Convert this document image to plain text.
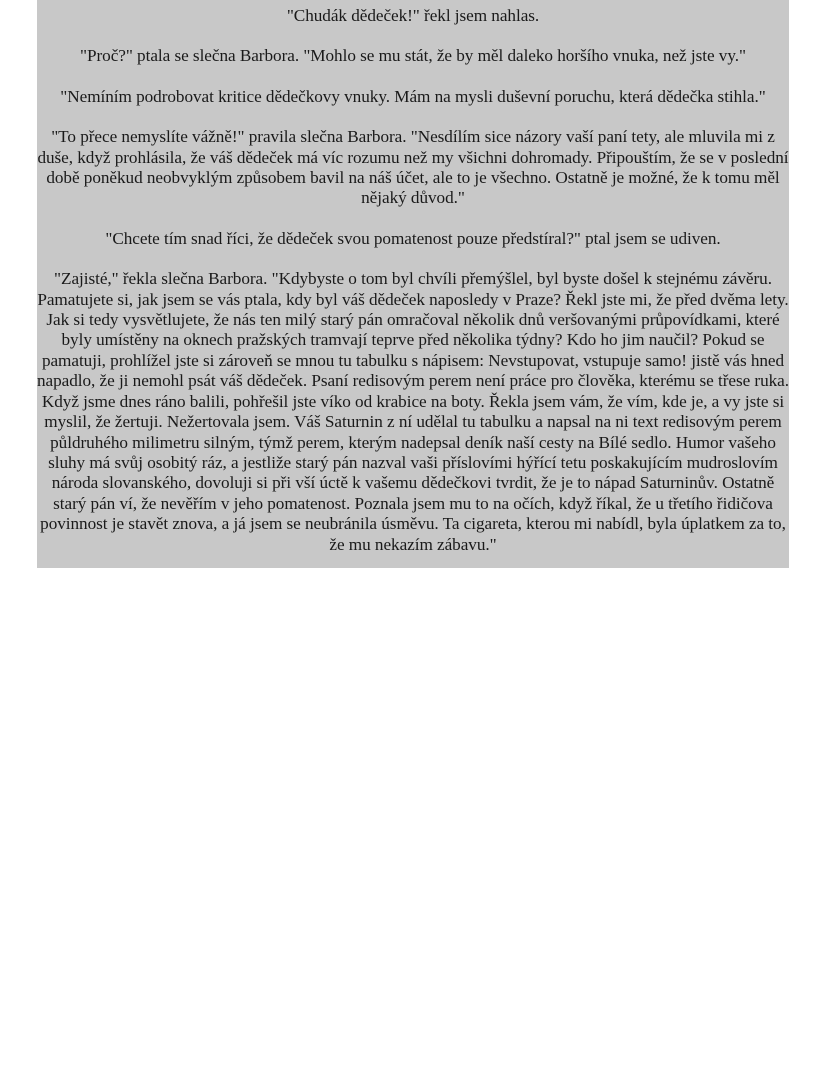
"Chudák dědeček!" řekl jsem nahlas.

"Proč?" ptala se slečna Barbora. "Mohlo se mu stát, že by měl daleko horšího vnuka, než jste vy."

"Nemíním podrobovat kritice dědečkovy vnuky. Mám na mysli duševní poruchu, která dědečka stihla."

"To přece nemyslíte vážně!" pravila slečna Barbora. "Nesdílím sice názory vaší paní tety, ale mluvila mi z duše, když prohlásila, že váš dědeček má víc rozumu než my všichni dohromady. Připouštím, že se v poslední době poněkud neobvyklým způsobem bavil na náš účet, ale to je všechno. Ostatně je možné, že k tomu měl nějaký důvod."

"Chcete tím snad říci, že dědeček svou pomatenost pouze předstíral?" ptal jsem se udiven.

"Zajisté," řekla slečna Barbora. "Kdybyste o tom byl chvíli přemýšlel, byl byste došel k stejnému závěru. Pamatujete si, jak jsem se vás ptala, kdy byl váš dědeček naposledy v Praze? Řekl jste mi, že před dvěma lety. Jak si tedy vysvětlujete, že nás ten milý starý pán omračoval několik dnů veršovanými průpovídkami, které byly umístěny na oknech pražských tramvají teprve před několika týdny? Kdo ho jim naučil? Pokud se pamatuji, prohlížel jste si zároveň se mnou tu tabulku s nápisem: Nevstupovat, vstupuje samo! jistě vás hned napadlo, že ji nemohl psát váš dědeček. Psaní redisovým perem není práce pro člověka, kterému se třese ruka. Když jsme dnes ráno balili, pohřešil jste víko od krabice na boty. Řekla jsem vám, že vím, kde je, a vy jste si myslil, že žertuji. Nežertovala jsem. Váš Saturnin z ní udělal tu tabulku a napsal na ni text redisovým perem půldruhého milimetru silným, týmž perem, kterým nadepsal deník naší cesty na Bílé sedlo. Humor vašeho sluhy má svůj osobitý ráz, a jestliže starý pán nazval vaši příslovími hýřící tetu poskakujícím mudroslovím národa slovanského, dovoluji si při vší úctě k vašemu dědečkovi tvrdit, že je to nápad Saturninův. Ostatně starý pán ví, že nevěřím v jeho pomatenost. Poznala jsem mu to na očích, když říkal, že u třetího řidičova povinnost je stavět znova, a já jsem se neubránila úsměvu. Ta cigareta, kterou mi nabídl, byla úplatkem za to, že mu nekazím zábavu."
